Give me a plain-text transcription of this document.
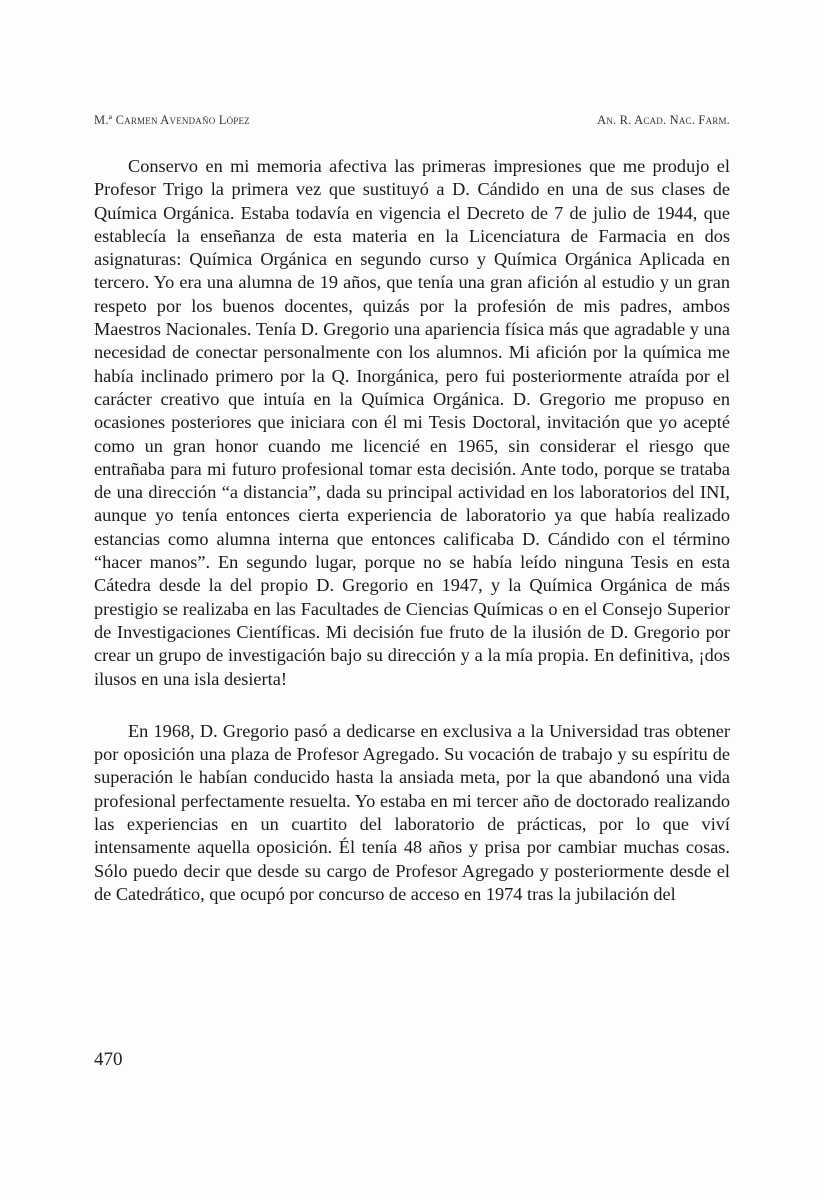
M.ª Carmen Avendaño López	An. R. Acad. Nac. Farm.

Conservo en mi memoria afectiva las primeras impresiones que me produjo el Profesor Trigo la primera vez que sustituyó a D. Cándido en una de sus clases de Química Orgánica. Estaba todavía en vigencia el Decreto de 7 de julio de 1944, que establecía la enseñanza de esta materia en la Licenciatura de Farmacia en dos asignaturas: Química Orgánica en segundo curso y Química Orgánica Aplicada en tercero. Yo era una alumna de 19 años, que tenía una gran afición al estudio y un gran respeto por los buenos docentes, quizás por la profesión de mis padres, ambos Maestros Nacionales. Tenía D. Gregorio una apariencia física más que agradable y una necesidad de conectar personalmente con los alumnos. Mi afición por la química me había inclinado primero por la Q. Inorgánica, pero fui posteriormente atraída por el carácter creativo que intuía en la Química Orgánica. D. Gregorio me propuso en ocasiones posteriores que iniciara con él mi Tesis Doctoral, invitación que yo acepté como un gran honor cuando me licencié en 1965, sin considerar el riesgo que entrañaba para mi futuro profesional tomar esta decisión. Ante todo, porque se trataba de una dirección “a distancia”, dada su principal actividad en los laboratorios del INI, aunque yo tenía entonces cierta experiencia de laboratorio ya que había realizado estancias como alumna interna que entonces calificaba D. Cándido con el término “hacer manos”. En segundo lugar, porque no se había leído ninguna Tesis en esta Cátedra desde la del propio D. Gregorio en 1947, y la Química Orgánica de más prestigio se realizaba en las Facultades de Ciencias Químicas o en el Consejo Superior de Investigaciones Científicas. Mi decisión fue fruto de la ilusión de D. Gregorio por crear un grupo de investigación bajo su dirección y a la mía propia. En definitiva, ¡dos ilusos en una isla desierta!

En 1968, D. Gregorio pasó a dedicarse en exclusiva a la Universidad tras obtener por oposición una plaza de Profesor Agregado. Su vocación de trabajo y su espíritu de superación le habían conducido hasta la ansiada meta, por la que abandonó una vida profesional perfectamente resuelta. Yo estaba en mi tercer año de doctorado realizando las experiencias en un cuartito del laboratorio de prácticas, por lo que viví intensamente aquella oposición. Él tenía 48 años y prisa por cambiar muchas cosas. Sólo puedo decir que desde su cargo de Profesor Agregado y posteriormente desde el de Catedrático, que ocupó por concurso de acceso en 1974 tras la jubilación del

470
